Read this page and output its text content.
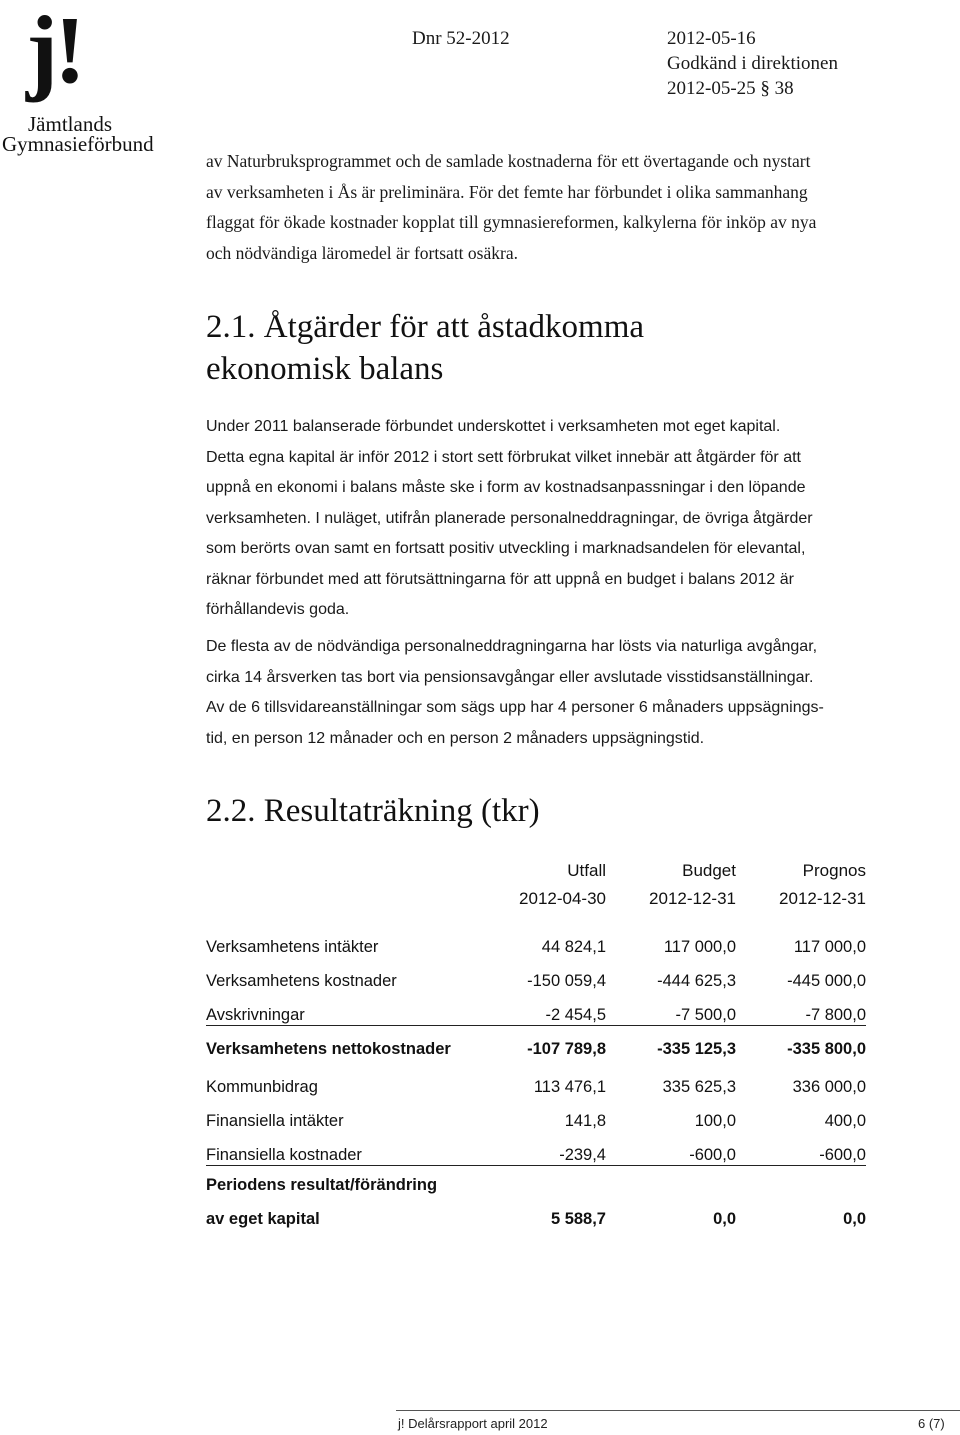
j!
Jämtlands
Gymnasieförbund
Dnr 52-2012	2012-05-16
Godkänd i direktionen
2012-05-25 § 38

av Naturbruksprogrammet och de samlade kostnaderna för ett övertagande och nystart

av verksamheten i Ås är preliminära. För det femte har förbundet i olika sammanhang

flaggat för ökade kostnader kopplat till gymnasiereformen, kalkylerna för inköp av nya

och nödvändiga läromedel är fortsatt osäkra.

2.1. Åtgärder för att åstadkomma
ekonomisk balans

Under 2011 balanserade förbundet underskottet i verksamheten mot eget kapital.

Detta egna kapital är inför 2012 i stort sett förbrukat vilket innebär att åtgärder för att

uppnå en ekonomi i balans måste ske i form av kostnadsanpassningar i den löpande

verksamheten. I nuläget, utifrån planerade personalneddragningar, de övriga åtgärder

som berörts ovan samt en fortsatt positiv utveckling i marknadsandelen för elevantal,

räknar förbundet med att förutsättningarna för att uppnå en budget i balans 2012 är

förhållandevis goda.

De flesta av de nödvändiga personalneddragningarna har lösts via naturliga avgångar,

cirka 14 årsverken tas bort via pensionsavgångar eller avslutade visstidsanställningar.

Av de 6 tillsvidareanställningar som sägs upp har 4 personer 6 månaders uppsägnings-

tid, en person 12 månader och en person 2 månaders uppsägningstid.

2.2. Resultaträkning (tkr)
	Utfall	Budget	Prognos
	2012-04-30	2012-12-31	2012-12-31

Verksamhetens intäkter	44 824,1	117 000,0	117 000,0
Verksamhetens kostnader	-150 059,4	-444 625,3	-445 000,0
Avskrivningar	-2 454,5	-7 500,0	-7 800,0
Verksamhetens nettokostnader	-107 789,8	-335 125,3	-335 800,0
Kommunbidrag	113 476,1	335 625,3	336 000,0
Finansiella intäkter	141,8	100,0	400,0
Finansiella kostnader	-239,4	-600,0	-600,0
Periodens resultat/förändring			
av eget kapital	5 588,7	0,0	0,0
j! Delårsrapport april 2012	6 (7)
